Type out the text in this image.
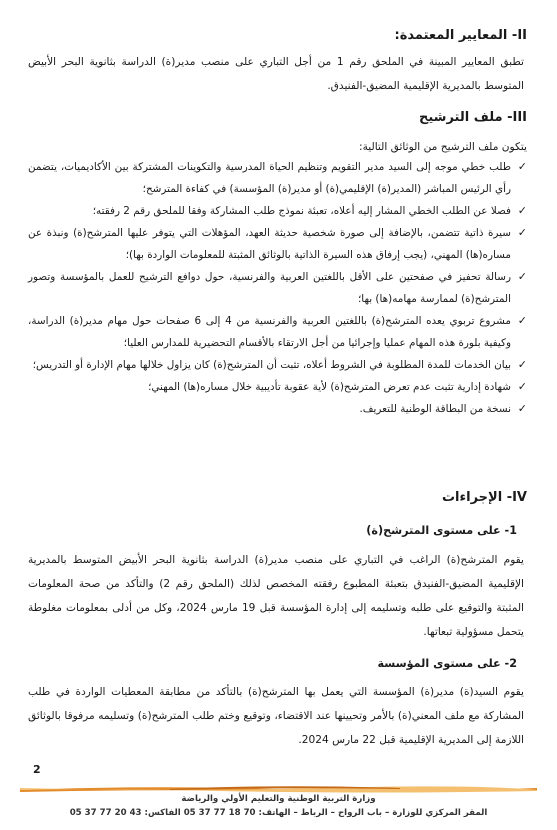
II- المعايير المعتمدة:
تطبق المعايير المبينة في الملحق رقم 1 من أجل التباري على منصب مدير(ة) الدراسة بثانوية البحر الأبيض المتوسط بالمديرية الإقليمية المضيق-الفنيدق.
III- ملف الترشيح
يتكون ملف الترشيح من الوثائق التالية:
✓
طلب خطي موجه إلى السيد مدير التقويم وتنظيم الحياة المدرسية والتكوينات المشتركة بين الأكاديميات، يتضمن رأي الرئيس المباشر (المدير(ة) الإقليمي(ة) أو مدير(ة) المؤسسة) في كفاءة المترشح؛
✓
فصلا عن الطلب الخطي المشار إليه أعلاه، تعبئة نموذج طلب المشاركة وفقا للملحق رقم 2 رفقته؛
✓
سيرة ذاتية تتضمن، بالإضافة إلى صورة شخصية حديثة العهد، المؤهلات التي يتوفر عليها المترشح(ة) ونبذة عن مساره(ها) المهني، (يجب إرفاق هذه السيرة الذاتية بالوثائق المثبتة للمعلومات الواردة بها)؛
✓
رسالة تحفيز في صفحتين على الأقل باللغتين العربية والفرنسية، حول دوافع الترشيح للعمل بالمؤسسة وتصور المترشح(ة) لممارسة مهامه(ها) بها؛
✓
مشروع تربوي يعده المترشح(ة) باللغتين العربية والفرنسية من 4 إلى 6 صفحات حول مهام مدير(ة) الدراسة، وكيفية بلورة هذه المهام عمليا وإجرائيا من أجل الارتقاء بالأقسام التحضيرية للمدارس العليا؛
✓
بيان الخدمات للمدة المطلوبة في الشروط أعلاه، تثبت أن المترشح(ة) كان يزاول خلالها مهام الإدارة أو التدريس؛
✓
شهادة إدارية تثبت عدم تعرض المترشح(ة) لأية عقوبة تأديبية خلال مساره(ها) المهني؛
✓
نسخة من البطاقة الوطنية للتعريف.
IV- الإجراءات
1- على مستوى المترشح(ة)
يقوم المترشح(ة) الراغب في التباري على منصب مدير(ة) الدراسة بثانوية البحر الأبيض المتوسط بالمديرية الإقليمية المضيق-الفنيدق بتعبئة المطبوع رفقته المخصص لذلك (الملحق رقم 2) والتأكد من صحة المعلومات المثبتة والتوقيع على طلبه وتسليمه إلى إدارة المؤسسة قبل 19 مارس 2024، وكل من أدلى بمعلومات مغلوطة يتحمل مسؤولية تبعاتها.
2- على مستوى المؤسسة
يقوم السيد(ة) مدير(ة) المؤسسة التي يعمل بها المترشح(ة) بالتأكد من مطابقة المعطيات الواردة في طلب المشاركة مع ملف المعني(ة) بالأمر وتحيينها عند الاقتضاء، وتوقيع وختم طلب المترشح(ة) وتسليمه مرفوقا بالوثائق اللازمة إلى المديرية الإقليمية قبل 22 مارس 2024.
2
وزارة التربية الوطنية والتعليم الأولي والرياضة
المقر المركزي للوزارة – باب الرواح – الرباط – الهاتف: 70 18 77 37 05 الفاكس: 43 20 77 37 05
